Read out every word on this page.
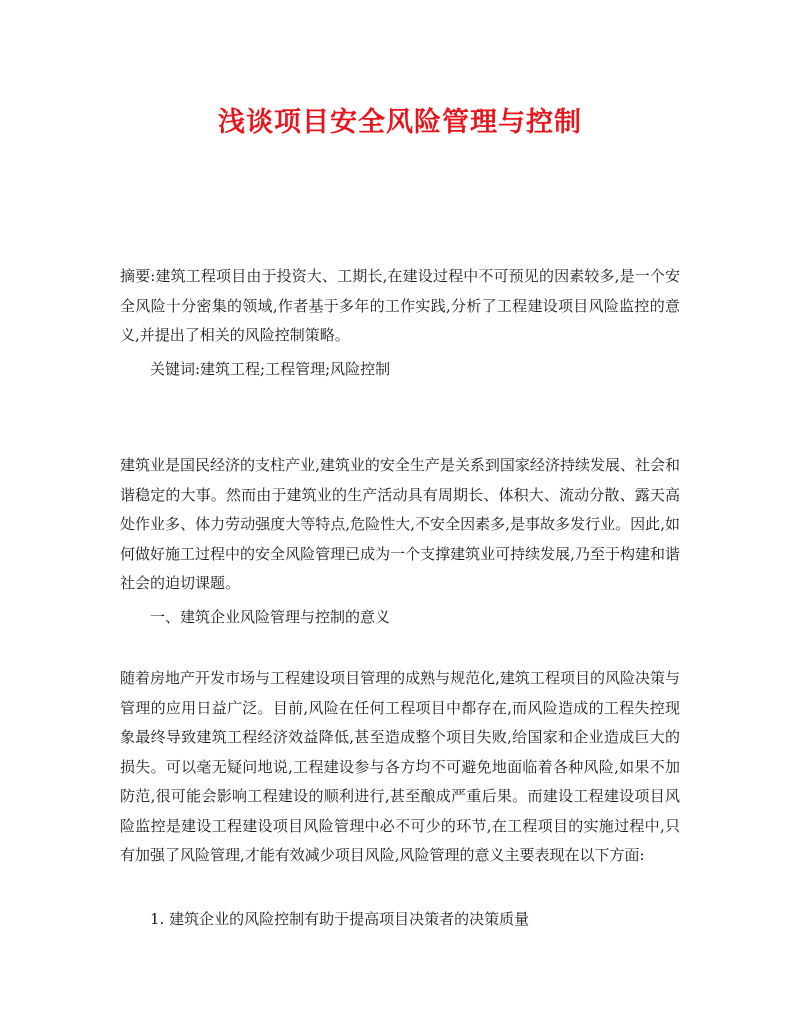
浅谈项目安全风险管理与控制

摘要:建筑工程项目由于投资大、工期长,在建设过程中不可预见的因素较多,是一个安全风险十分密集的领域,作者基于多年的工作实践,分析了工程建设项目风险监控的意义,并提出了相关的风险控制策略。

关键词:建筑工程;工程管理;风险控制

建筑业是国民经济的支柱产业,建筑业的安全生产是关系到国家经济持续发展、社会和谐稳定的大事。然而由于建筑业的生产活动具有周期长、体积大、流动分散、露天高处作业多、体力劳动强度大等特点,危险性大,不安全因素多,是事故多发行业。因此,如何做好施工过程中的安全风险管理已成为一个支撑建筑业可持续发展,乃至于构建和谐社会的迫切课题。

一、建筑企业风险管理与控制的意义

随着房地产开发市场与工程建设项目管理的成熟与规范化,建筑工程项目的风险决策与管理的应用日益广泛。目前,风险在任何工程项目中都存在,而风险造成的工程失控现象最终导致建筑工程经济效益降低,甚至造成整个项目失败,给国家和企业造成巨大的损失。可以毫无疑问地说,工程建设参与各方均不可避免地面临着各种风险,如果不加防范,很可能会影响工程建设的顺利进行,甚至酿成严重后果。而建设工程建设项目风险监控是建设工程建设项目风险管理中必不可少的环节,在工程项目的实施过程中,只有加强了风险管理,才能有效减少项目风险,风险管理的意义主要表现在以下方面:

1. 建筑企业的风险控制有助于提高项目决策者的决策质量
